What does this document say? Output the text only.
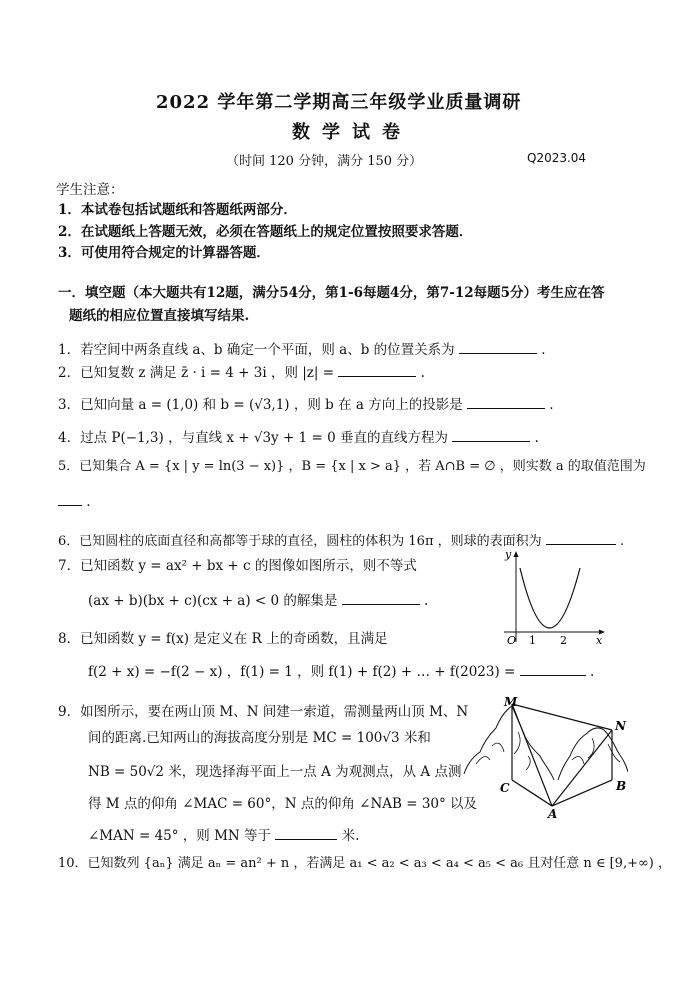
2022 学年第二学期高三年级学业质量调研
数学试卷
（时间 120 分钟，满分 150 分）	Q2023.04
学生注意：
1．本试卷包括试题纸和答题纸两部分．
2．在试题纸上答题无效，必须在答题纸上的规定位置按照要求答题．
3．可使用符合规定的计算器答题．
一．填空题（本大题共有12题，满分54分，第1-6每题4分，第7-12每题5分）考生应在答
题纸的相应位置直接填写结果.
1．若空间中两条直线 a、b 确定一个平面，则 a、b 的位置关系为	.
2．已知复数 z 满足 z̄ · i = 4 + 3i ，则 |z| =	.
3．已知向量 a = (1,0) 和 b = (√3,1) ，则 b 在 a 方向上的投影是	.
4．过点 P(−1,3) ，与直线 x + √3y + 1 = 0 垂直的直线方程为	.
5．已知集合 A = {x | y = ln(3 − x)} ，B = {x | x > a} ，若 A∩B = ∅ ，则实数 a 的取值范围为
.
6．已知圆柱的底面直径和高都等于球的直径，圆柱的体积为 16π ，则球的表面积为	.
7．已知函数 y = ax² + bx + c 的图像如图所示，则不等式
(ax + b)(bx + c)(cx + a) < 0 的解集是	.
y
x
O 1 2
8．已知函数 y = f(x) 是定义在 R 上的奇函数，且满足
f(2 + x) = −f(2 − x) ，f(1) = 1 ，则 f(1) + f(2) + … + f(2023) =	.
9．如图所示，要在两山顶 M、N 间建一索道，需测量两山顶 M、N
间的距离.已知两山的海拔高度分别是 MC = 100√3 米和
NB = 50√2 米，现选择海平面上一点 A 为观测点，从 A 点测
得 M 点的仰角 ∠MAC = 60°，N 点的仰角 ∠NAB = 30° 以及
∠MAN = 45° ，则 MN 等于	米.
M
N
C	B
A
10．已知数列 {aₙ} 满足 aₙ = an² + n ，若满足 a₁ < a₂ < a₃ < a₄ < a₅ < a₆ 且对任意 n ∈ [9,+∞) ，
